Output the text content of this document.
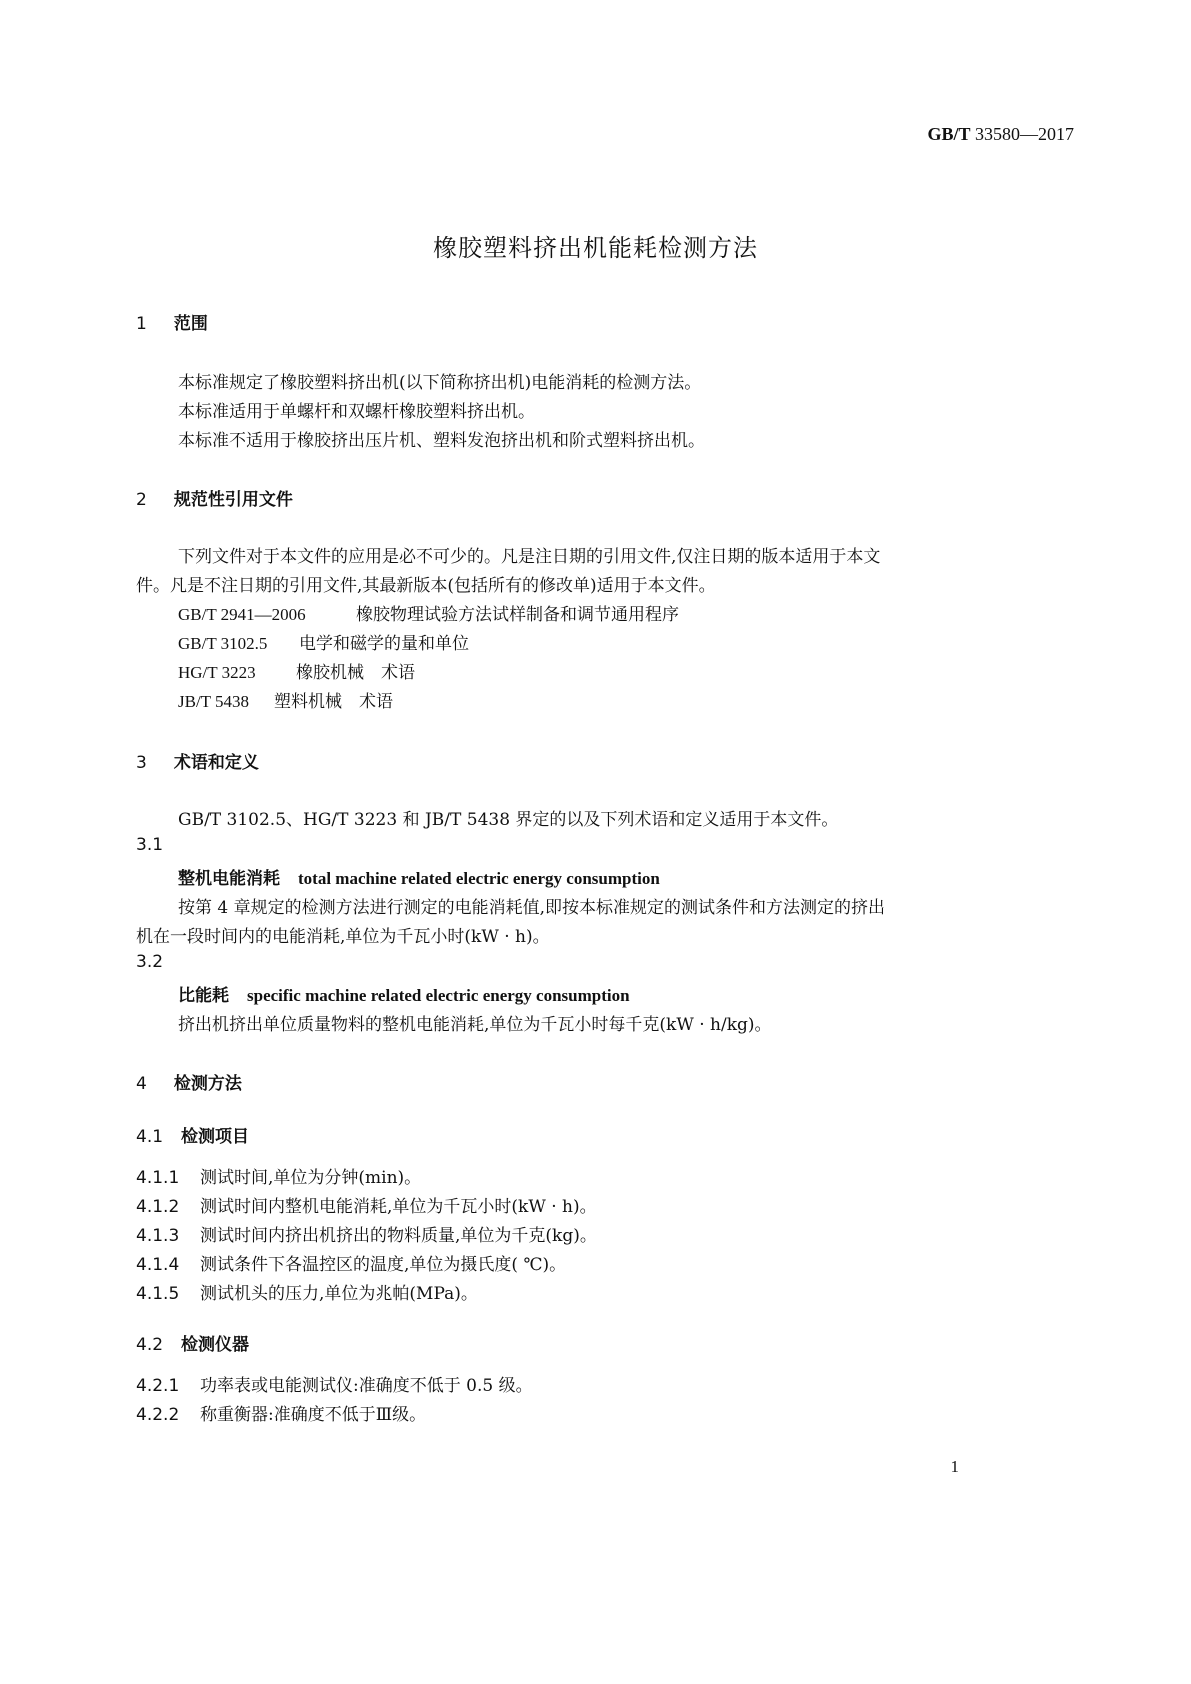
GB/T 33580—2017
橡胶塑料挤出机能耗检测方法
1 范围
本标准规定了橡胶塑料挤出机(以下简称挤出机)电能消耗的检测方法。
本标准适用于单螺杆和双螺杆橡胶塑料挤出机。
本标准不适用于橡胶挤出压片机、塑料发泡挤出机和阶式塑料挤出机。
2 规范性引用文件
下列文件对于本文件的应用是必不可少的。凡是注日期的引用文件,仅注日期的版本适用于本文
件。凡是不注日期的引用文件,其最新版本(包括所有的修改单)适用于本文件。
GB/T 2941—2006	橡胶物理试验方法试样制备和调节通用程序
GB/T 3102.5 电学和磁学的量和单位
HG/T 3223 橡胶机械　术语
JB/T 5438 塑料机械　术语
3 术语和定义
GB/T 3102.5、HG/T 3223 和 JB/T 5438 界定的以及下列术语和定义适用于本文件。
3.1
整机电能消耗 total machine related electric energy consumption
按第 4 章规定的检测方法进行测定的电能消耗值,即按本标准规定的测试条件和方法测定的挤出
机在一段时间内的电能消耗,单位为千瓦小时(kW · h)。
3.2
比能耗 specific machine related electric energy consumption
挤出机挤出单位质量物料的整机电能消耗,单位为千瓦小时每千克(kW · h/kg)。
4 检测方法
4.1 检测项目
4.1.1 测试时间,单位为分钟(min)。
4.1.2 测试时间内整机电能消耗,单位为千瓦小时(kW · h)。
4.1.3 测试时间内挤出机挤出的物料质量,单位为千克(kg)。
4.1.4 测试条件下各温控区的温度,单位为摄氏度( ℃)。
4.1.5 测试机头的压力,单位为兆帕(MPa)。
4.2 检测仪器
4.2.1 功率表或电能测试仪:准确度不低于 0.5 级。
4.2.2 称重衡器:准确度不低于Ⅲ级。
1
